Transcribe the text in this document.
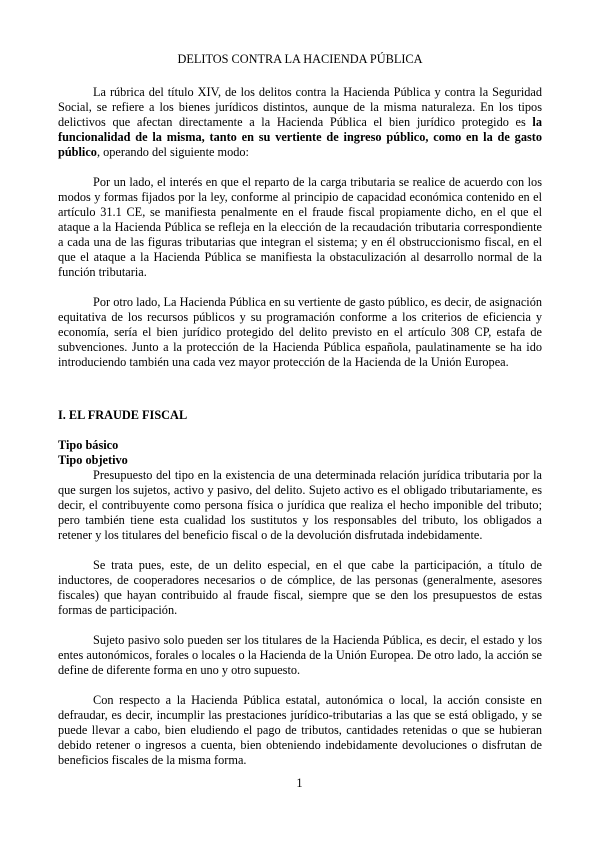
DELITOS CONTRA LA HACIENDA PÚBLICA

La rúbrica del título XIV, de los delitos contra la Hacienda Pública y contra la Seguridad Social, se refiere a los bienes jurídicos distintos, aunque de la misma naturaleza. En los tipos delictivos que afectan directamente a la Hacienda Pública el bien jurídico protegido es la funcionalidad de la misma, tanto en su vertiente de ingreso público, como en la de gasto público, operando del siguiente modo:

Por un lado, el interés en que el reparto de la carga tributaria se realice de acuerdo con los modos y formas fijados por la ley, conforme al principio de capacidad económica contenido en el artículo 31.1 CE, se manifiesta penalmente en el fraude fiscal propiamente dicho, en el que el ataque a la Hacienda Pública se refleja en la elección de la recaudación tributaria correspondiente a cada una de las figuras tributarias que integran el sistema; y en él obstruccionismo fiscal, en el que el ataque a la Hacienda Pública se manifiesta la obstaculización al desarrollo normal de la función tributaria.

Por otro lado, La Hacienda Pública en su vertiente de gasto público, es decir, de asignación equitativa de los recursos públicos y su programación conforme a los criterios de eficiencia y economía, sería el bien jurídico protegido del delito previsto en el artículo 308 CP, estafa de subvenciones. Junto a la protección de la Hacienda Pública española, paulatinamente se ha ido introduciendo también una cada vez mayor protección de la Hacienda de la Unión Europea.

I. EL FRAUDE FISCAL

Tipo básico

Tipo objetivo

Presupuesto del tipo en la existencia de una determinada relación jurídica tributaria por la que surgen los sujetos, activo y pasivo, del delito. Sujeto activo es el obligado tributariamente, es decir, el contribuyente como persona física o jurídica que realiza el hecho imponible del tributo; pero también tiene esta cualidad los sustitutos y los responsables del tributo, los obligados a retener y los titulares del beneficio fiscal o de la devolución disfrutada indebidamente.

Se trata pues, este, de un delito especial, en el que cabe la participación, a título de inductores, de cooperadores necesarios o de cómplice, de las personas (generalmente, asesores fiscales) que hayan contribuido al fraude fiscal, siempre que se den los presupuestos de estas formas de participación.

Sujeto pasivo solo pueden ser los titulares de la Hacienda Pública, es decir, el estado y los entes autonómicos, forales o locales o la Hacienda de la Unión Europea. De otro lado, la acción se define de diferente forma en uno y otro supuesto.

Con respecto a la Hacienda Pública estatal, autonómica o local, la acción consiste en defraudar, es decir, incumplir las prestaciones jurídico-tributarias a las que se está obligado, y se puede llevar a cabo, bien eludiendo el pago de tributos, cantidades retenidas o que se hubieran debido retener o ingresos a cuenta, bien obteniendo indebidamente devoluciones o disfrutan de beneficios fiscales de la misma forma.

1
